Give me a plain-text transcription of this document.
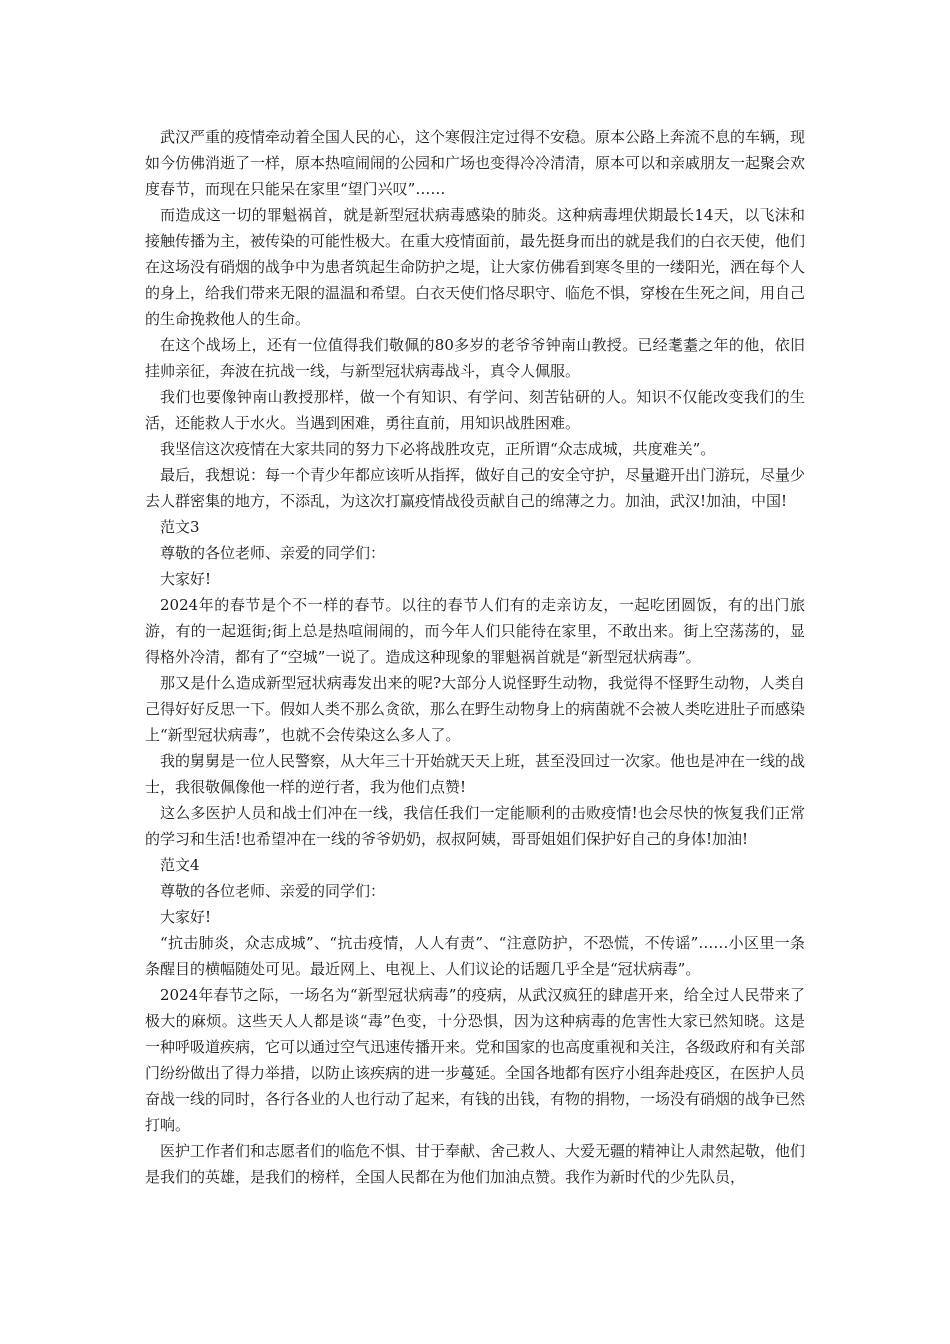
武汉严重的疫情牵动着全国人民的心，这个寒假注定过得不安稳。原本公路上奔流不息的车辆，现如今仿佛消逝了一样，原本热喧闹闹的公园和广场也变得冷冷清清，原本可以和亲戚朋友一起聚会欢度春节，而现在只能呆在家里“望门兴叹”……

而造成这一切的罪魁祸首，就是新型冠状病毒感染的肺炎。这种病毒埋伏期最长14天，以飞沫和接触传播为主，被传染的可能性极大。在重大疫情面前，最先挺身而出的就是我们的白衣天使，他们在这场没有硝烟的战争中为患者筑起生命防护之堤，让大家仿佛看到寒冬里的一缕阳光，洒在每个人的身上，给我们带来无限的温温和希望。白衣天使们恪尽职守、临危不惧，穿梭在生死之间，用自己的生命挽救他人的生命。

在这个战场上，还有一位值得我们敬佩的80多岁的老爷爷钟南山教授。已经耄耋之年的他，依旧挂帅亲征，奔波在抗战一线，与新型冠状病毒战斗，真令人佩服。

我们也要像钟南山教授那样，做一个有知识、有学问、刻苦钻研的人。知识不仅能改变我们的生活，还能救人于水火。当遇到困难，勇往直前，用知识战胜困难。

我坚信这次疫情在大家共同的努力下必将战胜攻克，正所谓“众志成城，共度难关”。

最后，我想说：每一个青少年都应该听从指挥，做好自己的安全守护，尽量避开出门游玩，尽量少去人群密集的地方，不添乱，为这次打赢疫情战役贡献自己的绵薄之力。加油，武汉!加油，中国!

范文3

尊敬的各位老师、亲爱的同学们：

大家好!

2024年的春节是个不一样的春节。以往的春节人们有的走亲访友，一起吃团圆饭，有的出门旅游，有的一起逛街;街上总是热喧闹闹的，而今年人们只能待在家里，不敢出来。街上空荡荡的，显得格外冷清，都有了“空城”一说了。造成这种现象的罪魁祸首就是“新型冠状病毒”。

那又是什么造成新型冠状病毒发出来的呢?大部分人说怪野生动物，我觉得不怪野生动物，人类自己得好好反思一下。假如人类不那么贪欲，那么在野生动物身上的病菌就不会被人类吃进肚子而感染上“新型冠状病毒”，也就不会传染这么多人了。

我的舅舅是一位人民警察，从大年三十开始就天天上班，甚至没回过一次家。他也是冲在一线的战士，我很敬佩像他一样的逆行者，我为他们点赞!

这么多医护人员和战士们冲在一线，我信任我们一定能顺利的击败疫情!也会尽快的恢复我们正常的学习和生活!也希望冲在一线的爷爷奶奶，叔叔阿姨，哥哥姐姐们保护好自己的身体!加油!

范文4

尊敬的各位老师、亲爱的同学们：

大家好!

“抗击肺炎，众志成城”、“抗击疫情，人人有责”、“注意防护，不恐慌，不传谣”……小区里一条条醒目的横幅随处可见。最近网上、电视上、人们议论的话题几乎全是“冠状病毒”。

2024年春节之际，一场名为“新型冠状病毒”的疫病，从武汉疯狂的肆虐开来，给全过人民带来了极大的麻烦。这些天人人都是谈“毒”色变，十分恐惧，因为这种病毒的危害性大家已然知晓。这是一种呼吸道疾病，它可以通过空气迅速传播开来。党和国家的也高度重视和关注，各级政府和有关部门纷纷做出了得力举措，以防止该疾病的进一步蔓延。全国各地都有医疗小组奔赴疫区，在医护人员奋战一线的同时，各行各业的人也行动了起来，有钱的出钱，有物的捐物，一场没有硝烟的战争已然打响。

医护工作者们和志愿者们的临危不惧、甘于奉献、舍己救人、大爱无疆的精神让人肃然起敬，他们是我们的英雄，是我们的榜样，全国人民都在为他们加油点赞。我作为新时代的少先队员，
